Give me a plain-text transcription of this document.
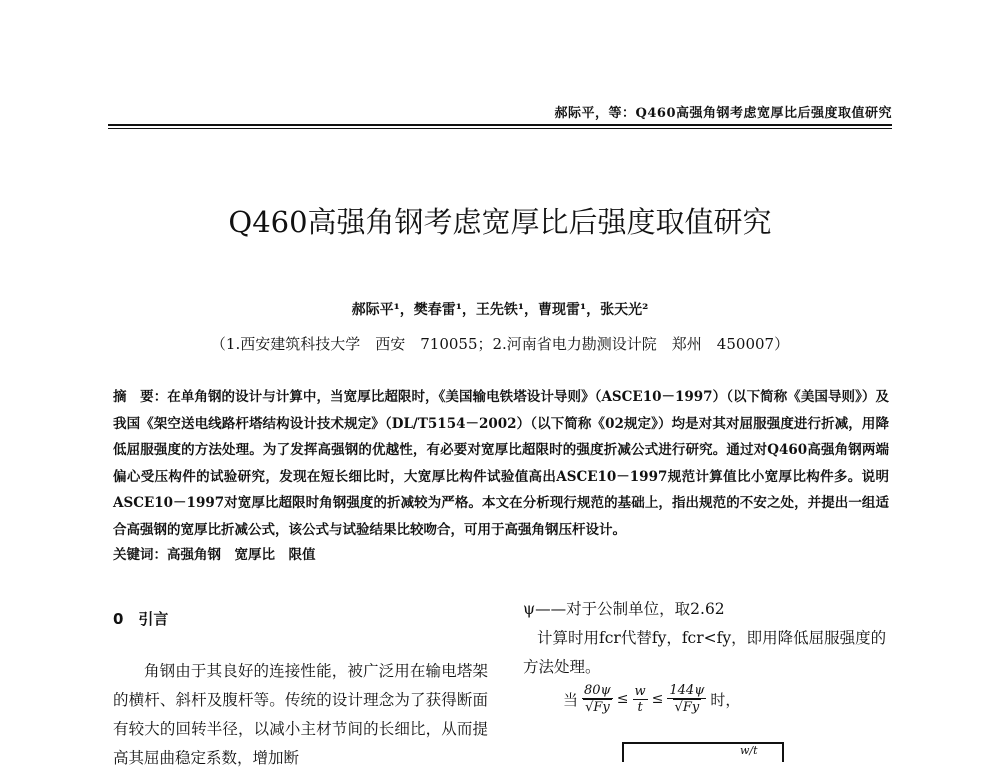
郝际平，等：Q460高强角钢考虑宽厚比后强度取值研究
Q460高强角钢考虑宽厚比后强度取值研究
郝际平¹，樊春雷¹，王先铁¹，曹现雷¹，张天光²
（1.西安建筑科技大学　西安　710055；2.河南省电力勘测设计院　郑州　450007）
摘　要：在单角钢的设计与计算中，当宽厚比超限时，《美国输电铁塔设计导则》（ASCE10－1997）（以下简称《美国导则》）及我国《架空送电线路杆塔结构设计技术规定》（DL/T5154－2002）（以下简称《02规定》）均是对其对屈服强度进行折减，用降低屈服强度的方法处理。为了发挥高强钢的优越性，有必要对宽厚比超限时的强度折减公式进行研究。通过对Q460高强角钢两端偏心受压构件的试验研究，发现在短长细比时，大宽厚比构件试验值高出ASCE10－1997规范计算值比小宽厚比构件多。说明ASCE10－1997对宽厚比超限时角钢强度的折减较为严格。本文在分析现行规范的基础上，指出规范的不安之处，并提出一组适合高强钢的宽厚比折减公式，该公式与试验结果比较吻合，可用于高强角钢压杆设计。
关键词：高强角钢　宽厚比　限值
0　引言
角钢由于其良好的连接性能，被广泛用在输电塔架的横杆、斜杆及腹杆等。传统的设计理念为了获得断面有较大的回转半径，以减小主材节间的长细比，从而提高其屈曲稳定系数，增加断
ψ——对于公制单位，取2.62
计算时用fcr代替fy，fcr<fy，即用降低屈服强度的方法处理。
当 $\frac{80\psi}{√Fy} \le \frac{w}{t} \le \frac{144\psi}{√Fy}$ 时，
w/t
